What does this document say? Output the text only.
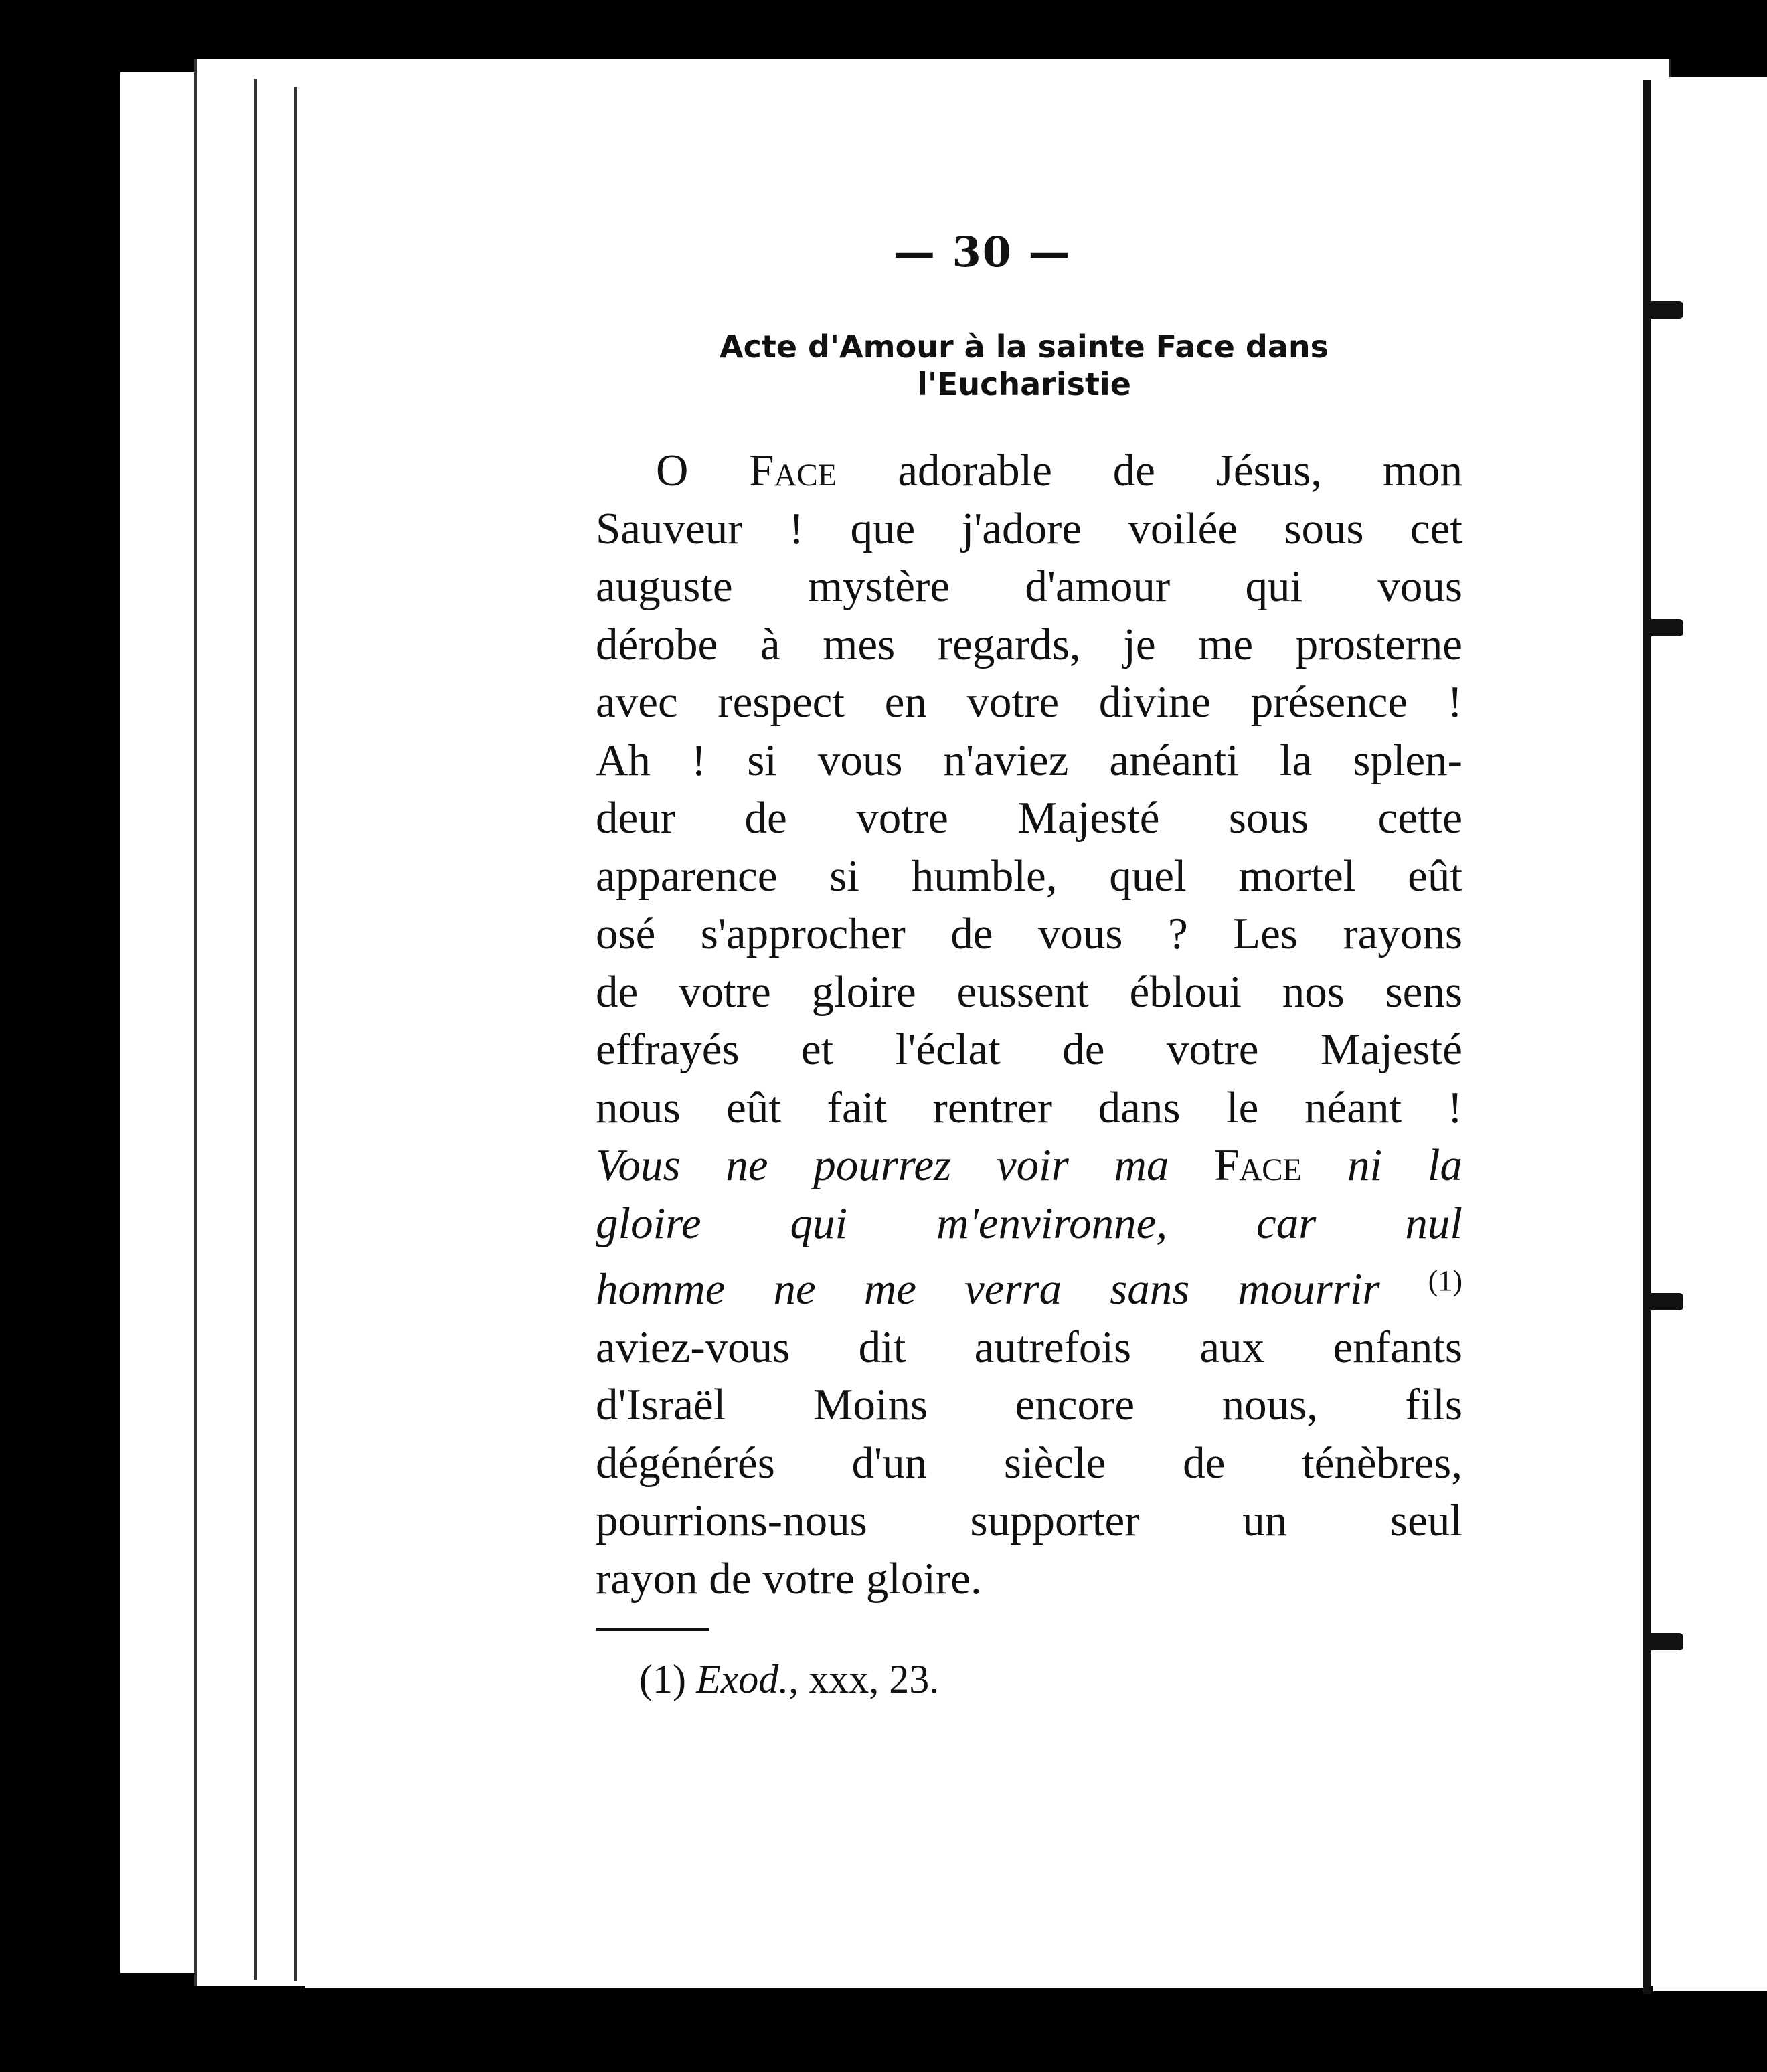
— 30 —
Acte d'Amour à la sainte Face dans
l'Eucharistie
O Face adorable de Jésus, mon
Sauveur ! que j'adore voilée sous cet
auguste mystère d'amour qui vous
dérobe à mes regards, je me prosterne
avec respect en votre divine présence !
Ah ! si vous n'aviez anéanti la splen-
deur de votre Majesté sous cette
apparence si humble, quel mortel eût
osé s'approcher de vous ? Les rayons
de votre gloire eussent ébloui nos sens
effrayés et l'éclat de votre Majesté
nous eût fait rentrer dans le néant !
Vous ne pourrez voir ma Face ni la
gloire qui m'environne, car nul
homme ne me verra sans mourrir $^{(1)}$
aviez-vous dit autrefois aux enfants
d'Israël Moins encore nous, fils
dégénérés d'un siècle de ténèbres,
pourrions-nous supporter un seul
rayon de votre gloire.
(1) Exod., xxx, 23.
